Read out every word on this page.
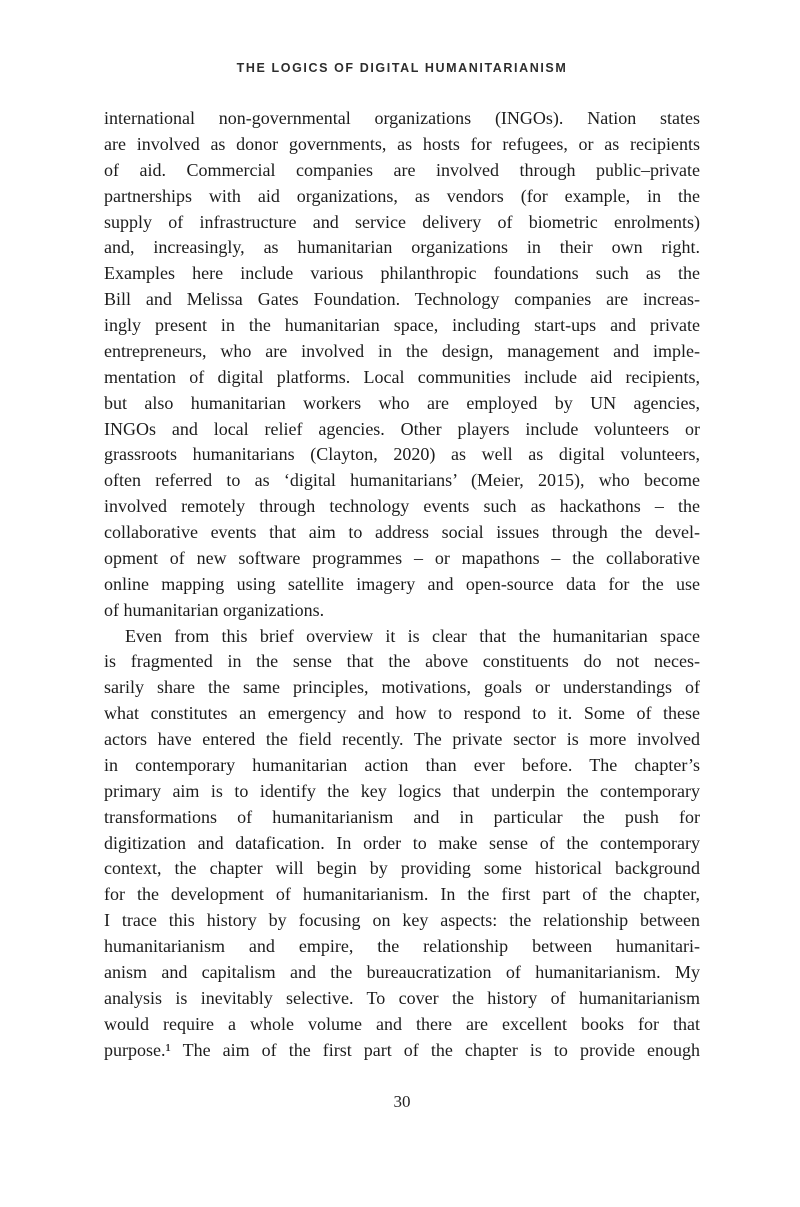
THE LOGICS OF DIGITAL HUMANITARIANISM
international non-governmental organizations (INGOs). Nation states
are involved as donor governments, as hosts for refugees, or as recipients
of aid. Commercial companies are involved through public–private
partnerships with aid organizations, as vendors (for example, in the
supply of infrastructure and service delivery of biometric enrolments)
and, increasingly, as humanitarian organizations in their own right.
Examples here include various philanthropic foundations such as the
Bill and Melissa Gates Foundation. Technology companies are increas-
ingly present in the humanitarian space, including start-ups and private
entrepreneurs, who are involved in the design, management and imple-
mentation of digital platforms. Local communities include aid recipients,
but also humanitarian workers who are employed by UN agencies,
INGOs and local relief agencies. Other players include volunteers or
grassroots humanitarians (Clayton, 2020) as well as digital volunteers,
often referred to as ‘digital humanitarians’ (Meier, 2015), who become
involved remotely through technology events such as hackathons – the
collaborative events that aim to address social issues through the devel-
opment of new software programmes – or mapathons – the collaborative
online mapping using satellite imagery and open-source data for the use
of humanitarian organizations.
Even from this brief overview it is clear that the humanitarian space
is fragmented in the sense that the above constituents do not neces-
sarily share the same principles, motivations, goals or understandings of
what constitutes an emergency and how to respond to it. Some of these
actors have entered the field recently. The private sector is more involved
in contemporary humanitarian action than ever before. The chapter’s
primary aim is to identify the key logics that underpin the contemporary
transformations of humanitarianism and in particular the push for
digitization and datafication. In order to make sense of the contemporary
context, the chapter will begin by providing some historical background
for the development of humanitarianism. In the first part of the chapter,
I trace this history by focusing on key aspects: the relationship between
humanitarianism and empire, the relationship between humanitari-
anism and capitalism and the bureaucratization of humanitarianism. My
analysis is inevitably selective. To cover the history of humanitarianism
would require a whole volume and there are excellent books for that
purpose.¹ The aim of the first part of the chapter is to provide enough
30
